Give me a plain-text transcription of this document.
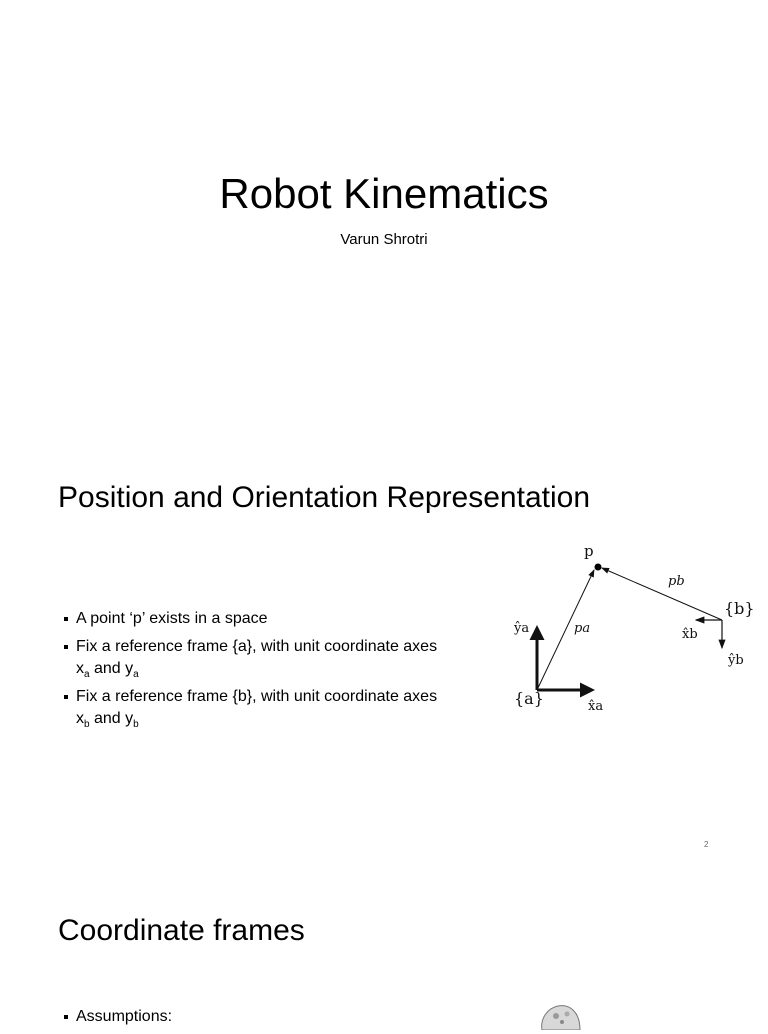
Robot Kinematics
Varun Shrotri
Position and Orientation Representation
A point ‘p’ exists in a space
Fix a reference frame {a}, with unit coordinate axes
$x_a$ and $y_a$
Fix a reference frame {b}, with unit coordinate axes
$x_b$ and $y_b$
p
pa
pb
{a}
{b}
x̂a
ŷa	x̂b
ŷb
2
Coordinate frames
Assumptions:
